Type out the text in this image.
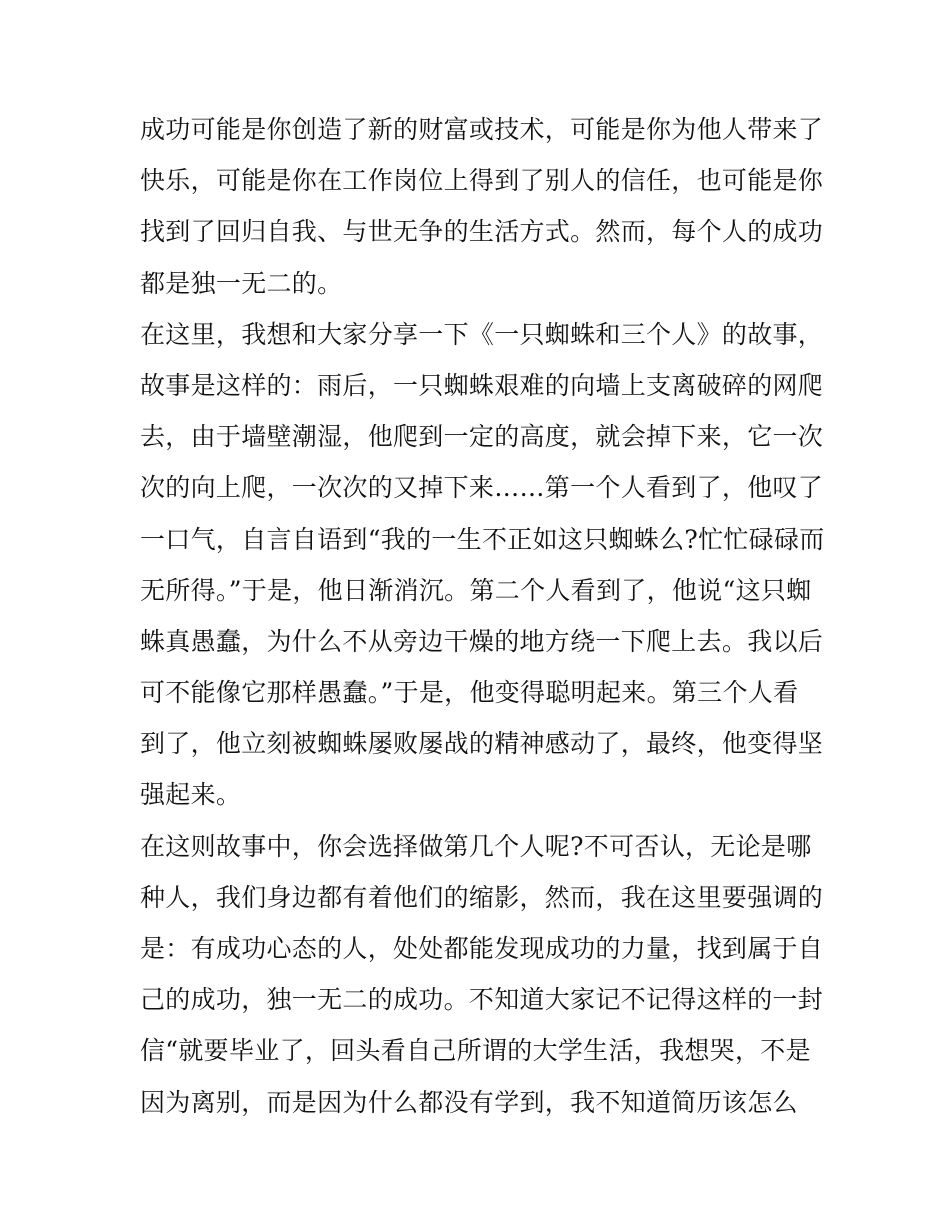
成功可能是你创造了新的财富或技术，可能是你为他人带来了
快乐，可能是你在工作岗位上得到了别人的信任，也可能是你
找到了回归自我、与世无争的生活方式。然而，每个人的成功
都是独一无二的。
在这里，我想和大家分享一下《一只蜘蛛和三个人》的故事，
故事是这样的：雨后，一只蜘蛛艰难的向墙上支离破碎的网爬
去，由于墙壁潮湿，他爬到一定的高度，就会掉下来，它一次
次的向上爬，一次次的又掉下来……第一个人看到了，他叹了
一口气，自言自语到“我的一生不正如这只蜘蛛么?忙忙碌碌而
无所得。”于是，他日渐消沉。第二个人看到了，他说“这只蜘
蛛真愚蠢，为什么不从旁边干燥的地方绕一下爬上去。我以后
可不能像它那样愚蠢。”于是，他变得聪明起来。第三个人看
到了，他立刻被蜘蛛屡败屡战的精神感动了，最终，他变得坚
强起来。
在这则故事中，你会选择做第几个人呢?不可否认，无论是哪
种人，我们身边都有着他们的缩影，然而，我在这里要强调的
是：有成功心态的人，处处都能发现成功的力量，找到属于自
己的成功，独一无二的成功。不知道大家记不记得这样的一封
信“就要毕业了，回头看自己所谓的大学生活，我想哭，不是
因为离别，而是因为什么都没有学到，我不知道简历该怎么
